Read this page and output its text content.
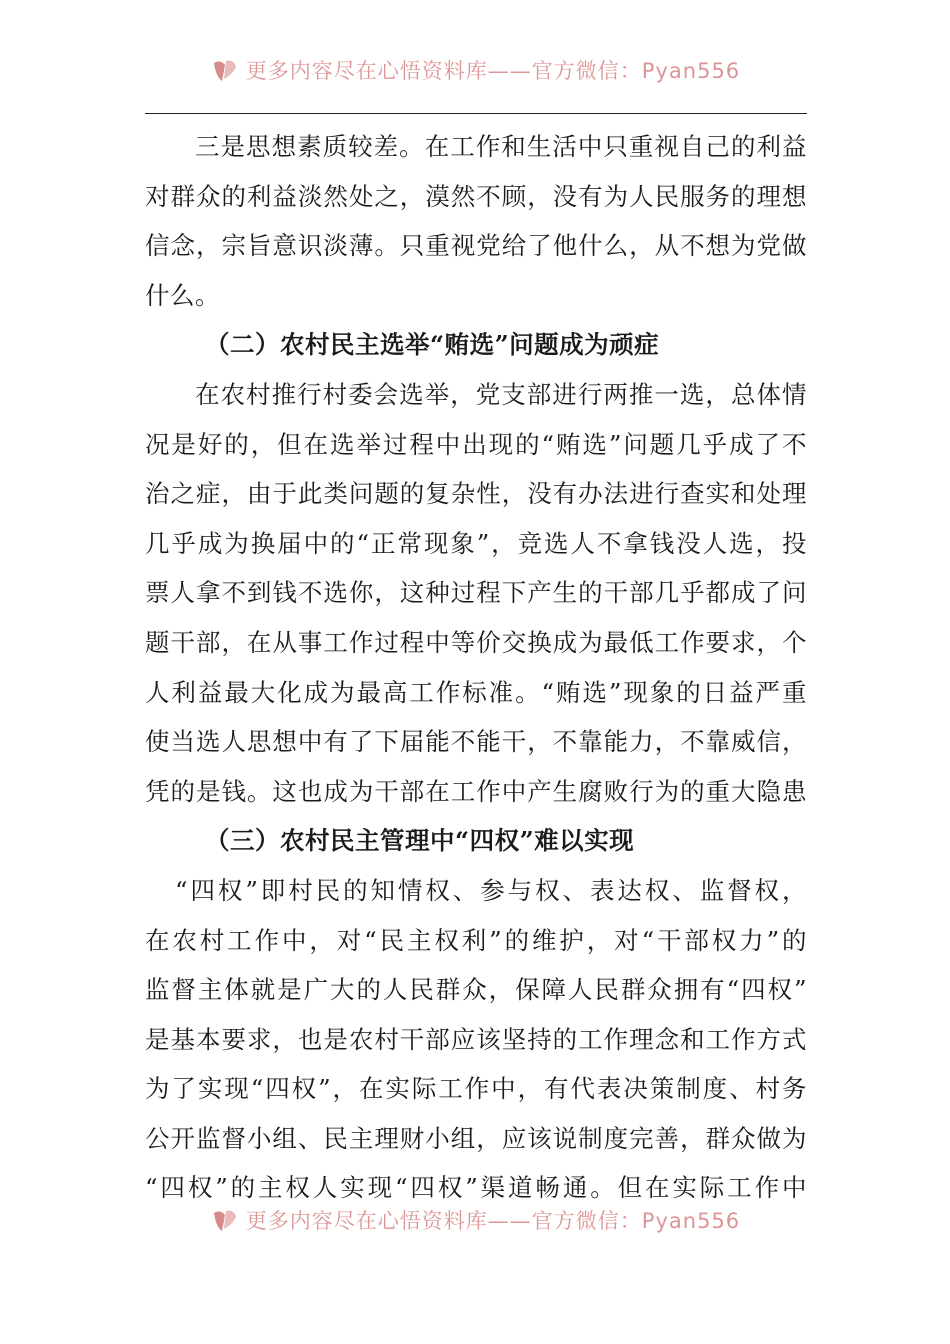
更多内容尽在心悟资料库——官方微信：Pyan556
三是思想素质较差。在工作和生活中只重视自己的利益
对群众的利益淡然处之，漠然不顾，没有为人民服务的理想
信念，宗旨意识淡薄。只重视党给了他什么，从不想为党做
什么。
（二）农村民主选举“贿选”问题成为顽症
在农村推行村委会选举，党支部进行两推一选，总体情
况是好的，但在选举过程中出现的“贿选”问题几乎成了不
治之症，由于此类问题的复杂性，没有办法进行查实和处理
几乎成为换届中的“正常现象”，竞选人不拿钱没人选，投
票人拿不到钱不选你，这种过程下产生的干部几乎都成了问
题干部，在从事工作过程中等价交换成为最低工作要求，个
人利益最大化成为最高工作标准。“贿选”现象的日益严重
使当选人思想中有了下届能不能干，不靠能力，不靠威信，
凭的是钱。这也成为干部在工作中产生腐败行为的重大隐患
（三）农村民主管理中“四权”难以实现
“四权”即村民的知情权、参与权、表达权、监督权，
在农村工作中，对“民主权利”的维护，对“干部权力”的
监督主体就是广大的人民群众，保障人民群众拥有“四权”
是基本要求，也是农村干部应该坚持的工作理念和工作方式
为了实现“四权”，在实际工作中，有代表决策制度、村务
公开监督小组、民主理财小组，应该说制度完善，群众做为
“四权”的主权人实现“四权”渠道畅通。但在实际工作中
更多内容尽在心悟资料库——官方微信：Pyan556
